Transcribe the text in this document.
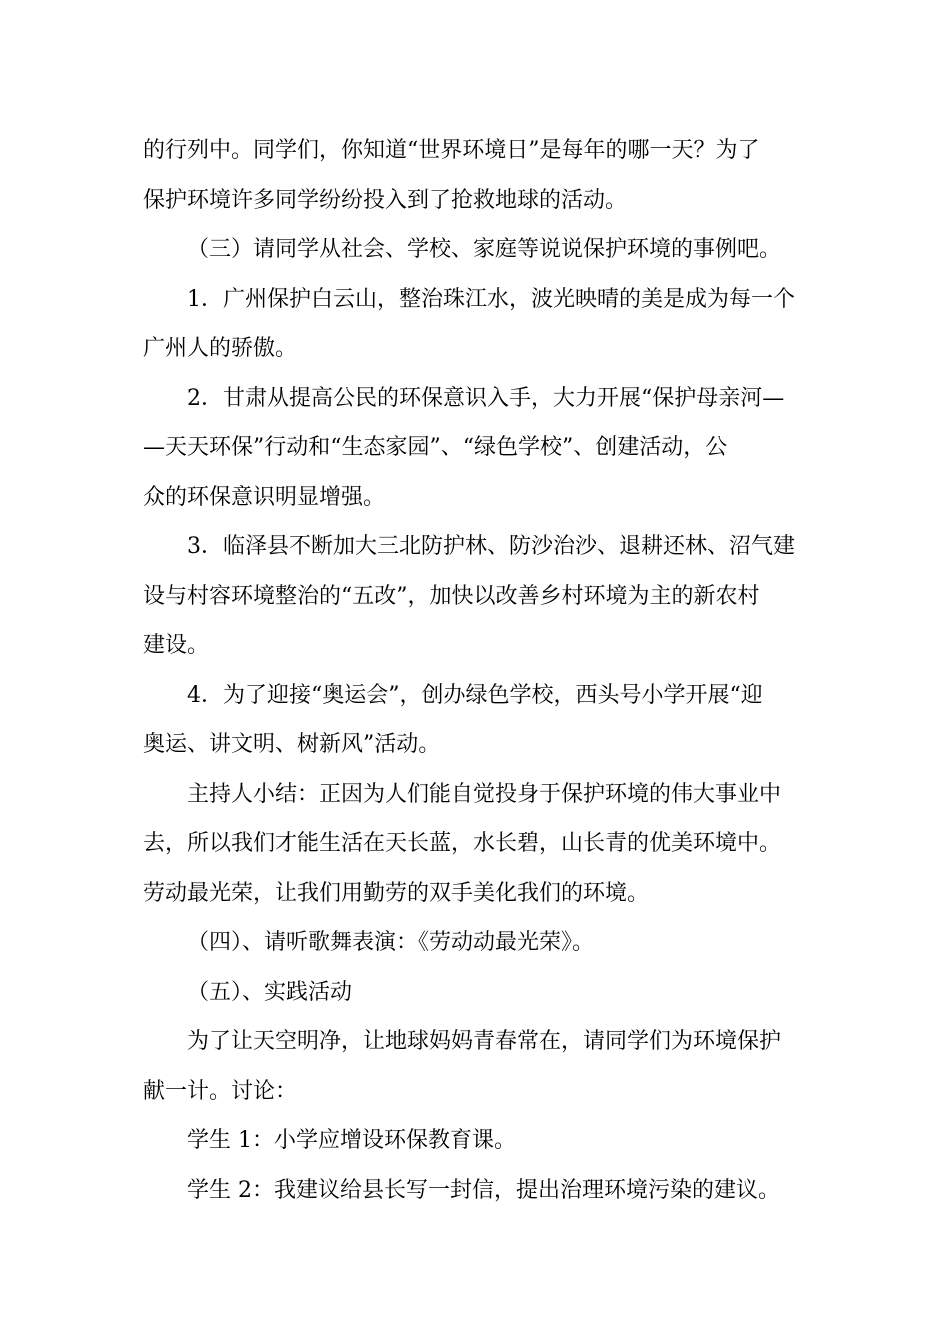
的行列中。同学们，你知道“世界环境日”是每年的哪一天？为了
保护环境许多同学纷纷投入到了抢救地球的活动。

（三）请同学从社会、学校、家庭等说说保护环境的事例吧。

1．广州保护白云山，整治珠江水，波光映晴的美是成为每一个
广州人的骄傲。

2．甘肃从提高公民的环保意识入手，大力开展“保护母亲河—
—天天环保”行动和“生态家园”、“绿色学校”、创建活动，公
众的环保意识明显增强。

3．临泽县不断加大三北防护林、防沙治沙、退耕还林、沼气建
设与村容环境整治的“五改”，加快以改善乡村环境为主的新农村
建设。

4．为了迎接“奥运会”，创办绿色学校，西头号小学开展“迎
奥运、讲文明、树新风”活动。

主持人小结：正因为人们能自觉投身于保护环境的伟大事业中
去，所以我们才能生活在天长蓝，水长碧，山长青的优美环境中。
劳动最光荣，让我们用勤劳的双手美化我们的环境。

（四）、请听歌舞表演：《劳动动最光荣》。

（五）、实践活动

为了让天空明净，让地球妈妈青春常在，请同学们为环境保护
献一计。讨论：

学生 1：小学应增设环保教育课。

学生 2：我建议给县长写一封信，提出治理环境污染的建议。
